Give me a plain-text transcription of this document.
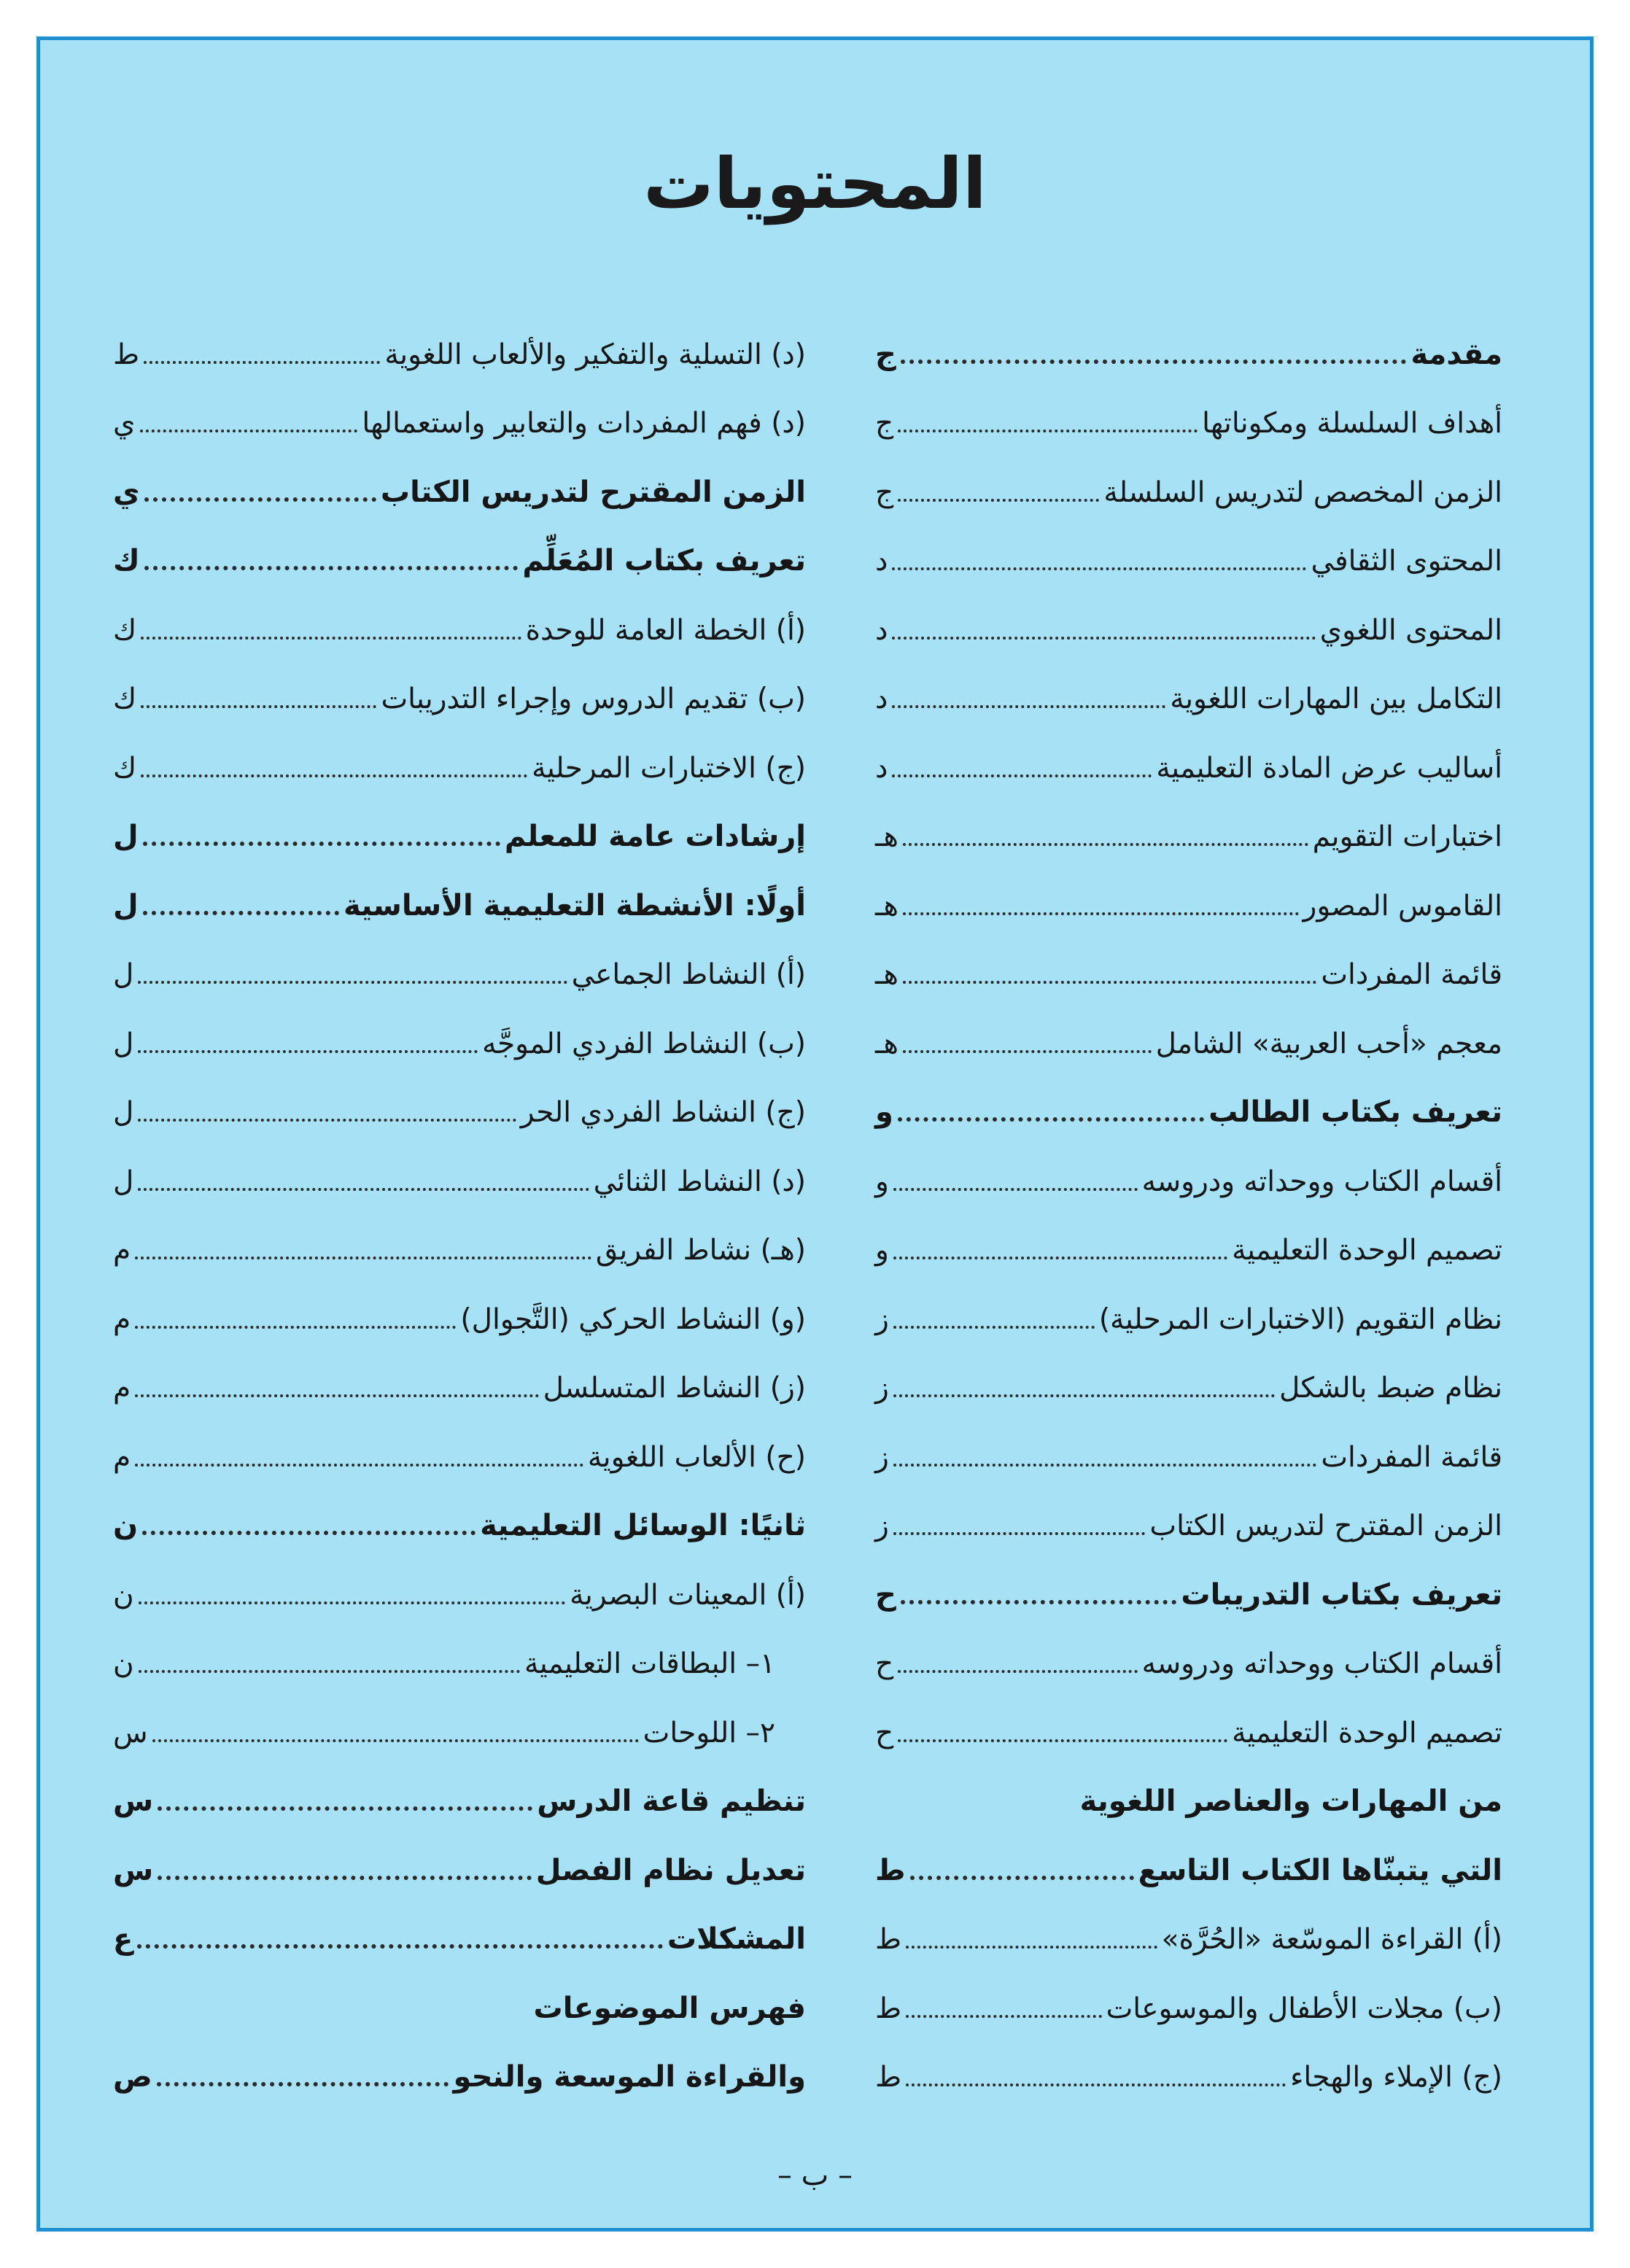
المحتويات
مقدمة
ج
أهداف السلسلة ومكوناتها
ج
الزمن المخصص لتدريس السلسلة
ج
المحتوى الثقافي
د
المحتوى اللغوي
د
التكامل بين المهارات اللغوية
د
أساليب عرض المادة التعليمية
د
اختبارات التقويم
هـ
القاموس المصور
هـ
قائمة المفردات
هـ
معجم «أحب العربية» الشامل
هـ
تعريف بكتاب الطالب
و
أقسام الكتاب ووحداته ودروسه
و
تصميم الوحدة التعليمية
و
نظام التقويم (الاختبارات المرحلية)
ز
نظام ضبط بالشكل
ز
قائمة المفردات
ز
الزمن المقترح لتدريس الكتاب
ز
تعريف بكتاب التدريبات
ح
أقسام الكتاب ووحداته ودروسه
ح
تصميم الوحدة التعليمية
ح
من المهارات والعناصر اللغوية
التي يتبنّاها الكتاب التاسع
ط
(أ) القراءة الموسّعة «الحُرَّة»
ط
(ب) مجلات الأطفال والموسوعات
ط
(ج) الإملاء والهجاء
ط
(د) التسلية والتفكير والألعاب اللغوية
ط
(د) فهم المفردات والتعابير واستعمالها
ي
الزمن المقترح لتدريس الكتاب
ي
تعريف بكتاب المُعَلِّم
ك
(أ) الخطة العامة للوحدة
ك
(ب) تقديم الدروس وإجراء التدريبات
ك
(ج) الاختبارات المرحلية
ك
إرشادات عامة للمعلم
ل
أولًا: الأنشطة التعليمية الأساسية
ل
(أ) النشاط الجماعي
ل
(ب) النشاط الفردي الموجَّه
ل
(ج) النشاط الفردي الحر
ل
(د) النشاط الثنائي
ل
(هـ) نشاط الفريق
م
(و) النشاط الحركي (التَّجوال)
م
(ز) النشاط المتسلسل
م
(ح) الألعاب اللغوية
م
ثانيًا: الوسائل التعليمية
ن
(أ) المعينات البصرية
ن
١– البطاقات التعليمية
ن
٢– اللوحات
س
تنظيم قاعة الدرس
س
تعديل نظام الفصل
س
المشكلات
ع
فهرس الموضوعات
والقراءة الموسعة والنحو
ص
– ب –
